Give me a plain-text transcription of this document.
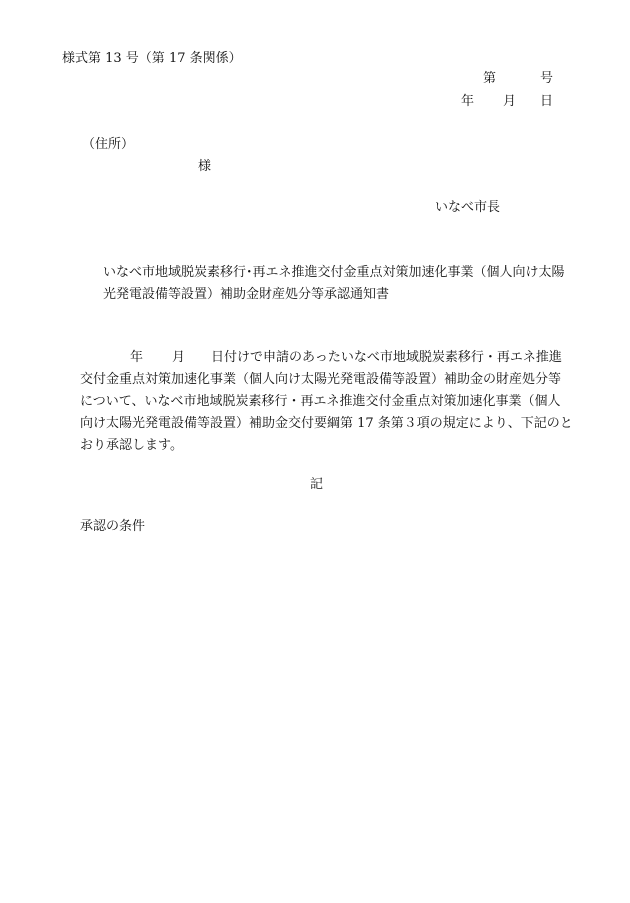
様式第 13 号（第 17 条関係）
第	号
年 月 日
（住所）
様
いなべ市長
いなべ市地域脱炭素移行･再エネ推進交付金重点対策加速化事業（個人向け太陽
光発電設備等設置）補助金財産処分等承認通知書
年 月 日付けで申請のあったいなべ市地域脱炭素移行・再エネ推進
交付金重点対策加速化事業（個人向け太陽光発電設備等設置）補助金の財産処分等
について、いなべ市地域脱炭素移行・再エネ推進交付金重点対策加速化事業（個人
向け太陽光発電設備等設置）補助金交付要綱第 17 条第３項の規定により、下記のと
おり承認します。
記
承認の条件
